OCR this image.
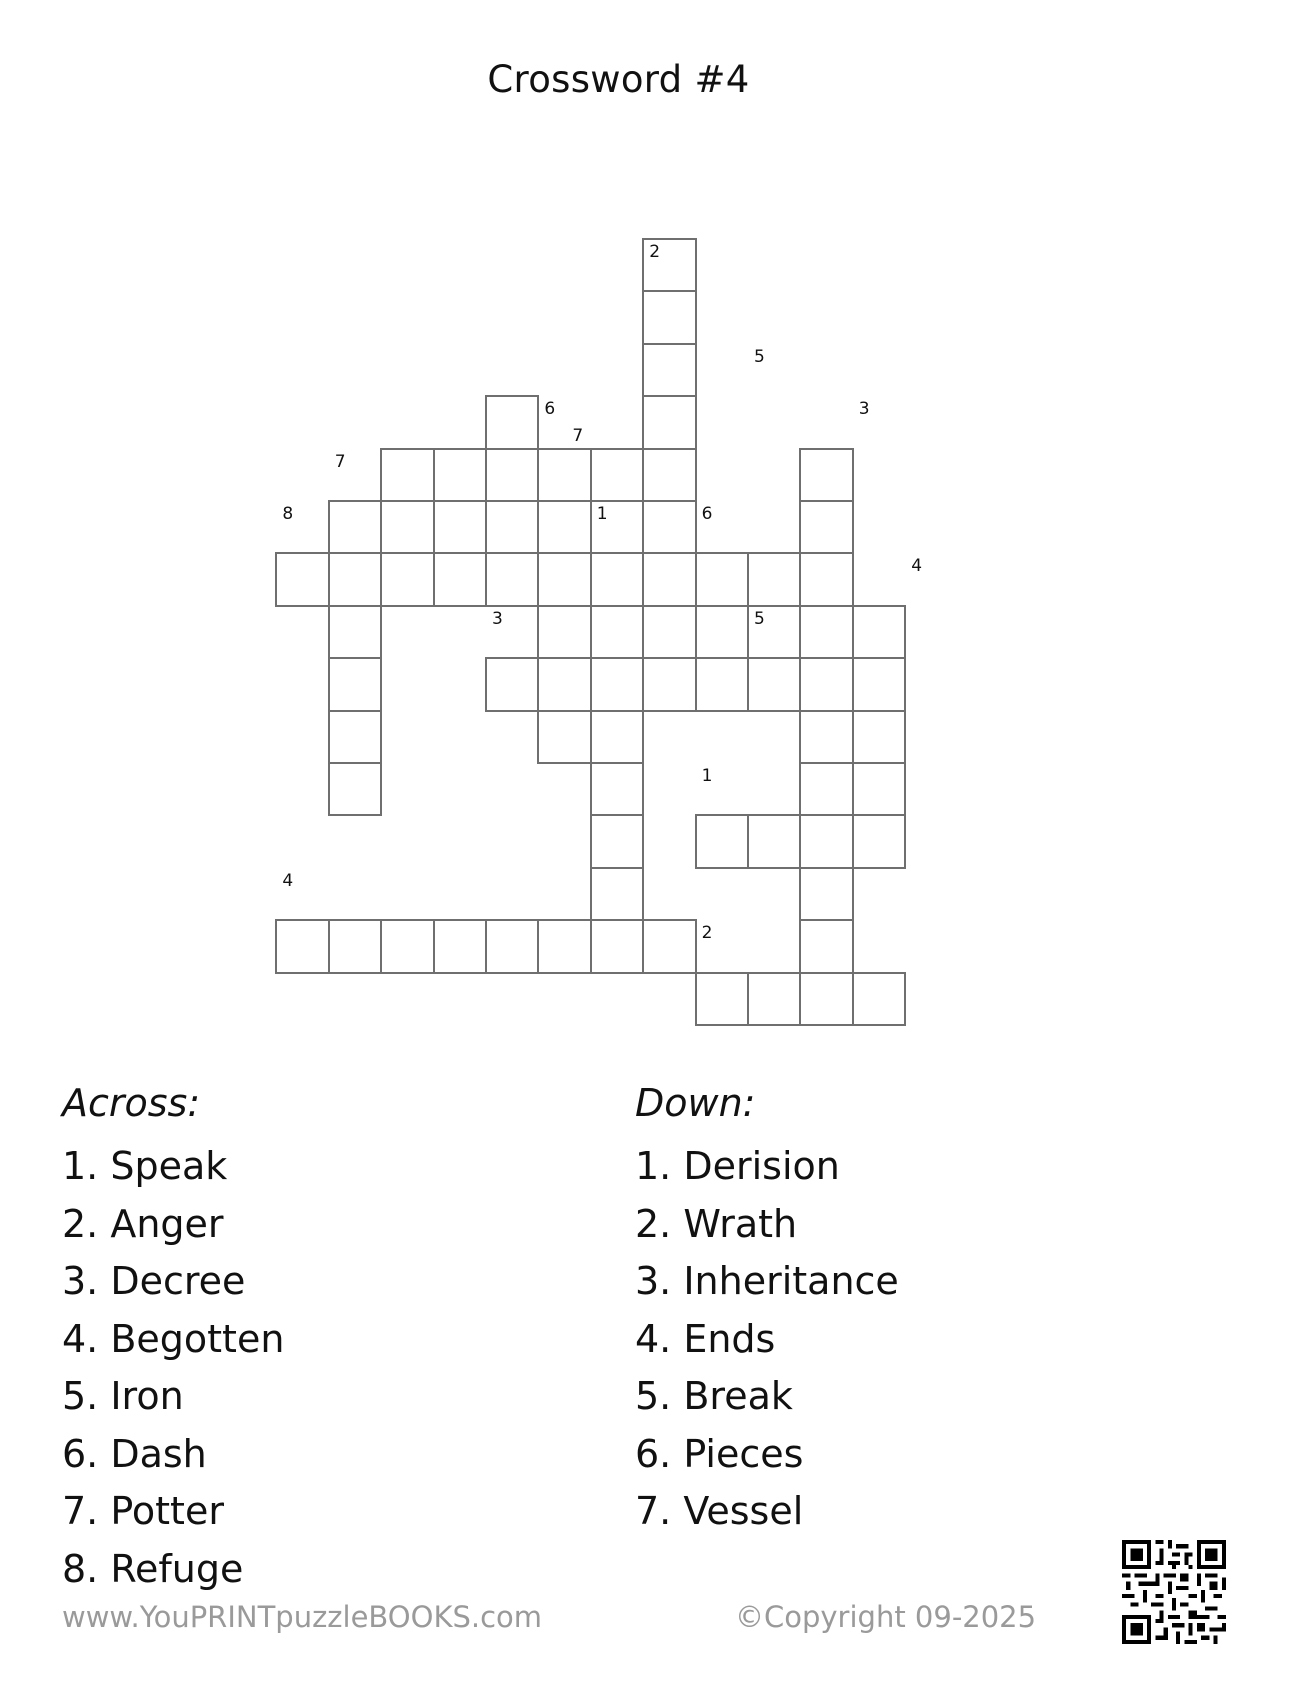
Crossword #4
2
5
6
7
3
7
8	1	6
4
3	5
1
4
2
Across:
1. Speak
2. Anger
3. Decree
4. Begotten
5. Iron
6. Dash
7. Potter
8. Refuge
Down:
1. Derision
2. Wrath
3. Inheritance
4. Ends
5. Break
6. Pieces
7. Vessel
www.YouPRINTpuzzleBOOKS.com	©Copyright 09-2025
